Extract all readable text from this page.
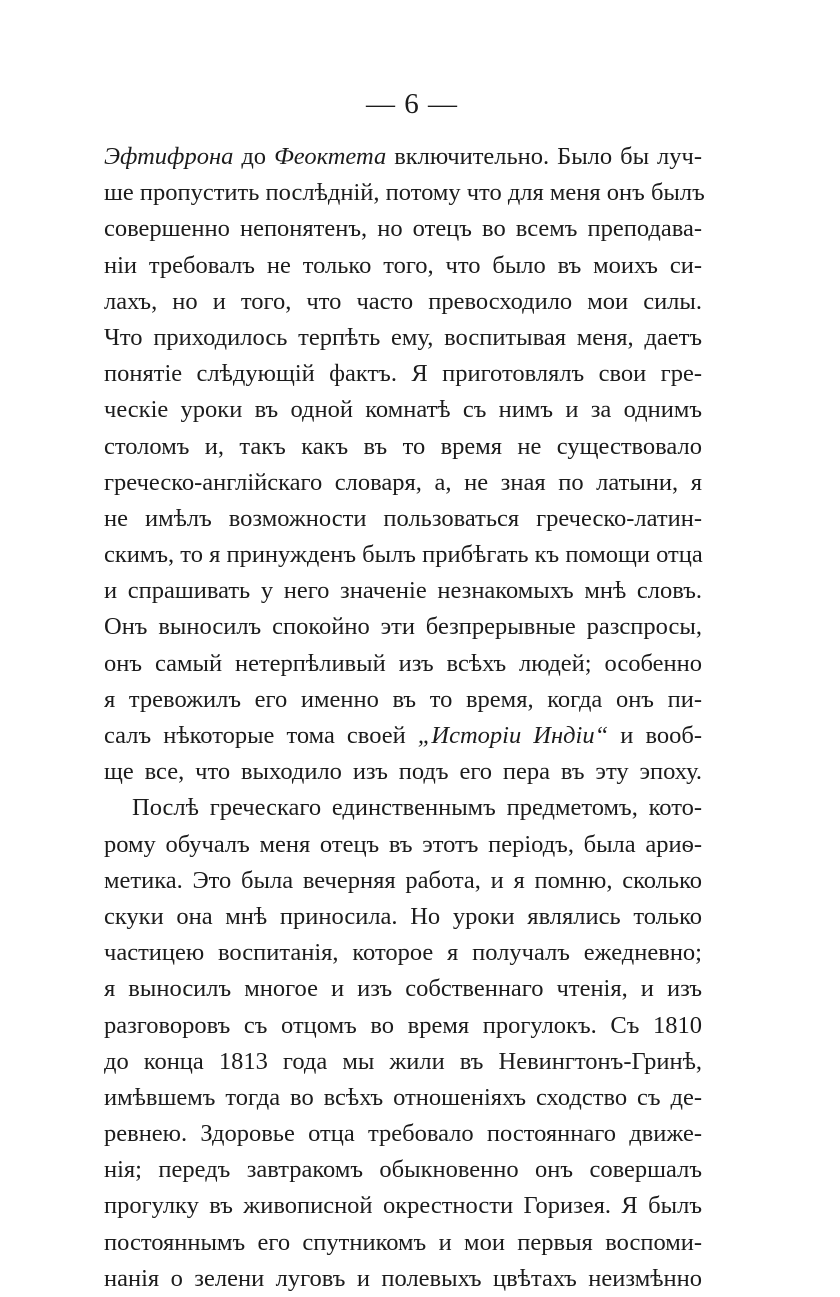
— 6 —
Эфтифрона до Феоктета включительно. Было бы луч-
ше пропустить послѣдній, потому что для меня онъ былъ
совершенно непонятенъ, но отецъ во всемъ преподава-
ніи требовалъ не только того, что было въ моихъ си-
лахъ, но и того, что часто превосходило мои силы.
Что приходилось терпѣть ему, воспитывая меня, даетъ
понятіе слѣдующій фактъ. Я приготовлялъ свои гре-
ческіе уроки въ одной комнатѣ съ нимъ и за однимъ
столомъ и, такъ какъ въ то время не существовало
греческо-англійскаго словаря, а, не зная по латыни, я
не имѣлъ возможности пользоваться греческо-латин-
скимъ, то я принужденъ былъ прибѣгать къ помощи отца
и спрашивать у него значеніе незнакомыхъ мнѣ словъ.
Онъ выносилъ спокойно эти безпрерывные разспросы,
онъ самый нетерпѣливый изъ всѣхъ людей; особенно
я тревожилъ его именно въ то время, когда онъ пи-
салъ нѣкоторые тома своей „Исторіи Индіи“ и вооб-
ще все, что выходило изъ подъ его пера въ эту эпоху.
Послѣ греческаго единственнымъ предметомъ, кото-
рому обучалъ меня отецъ въ этотъ періодъ, была ариѳ-
метика. Это была вечерняя работа, и я помню, сколько
скуки она мнѣ приносила. Но уроки являлись только
частицею воспитанія, которое я получалъ ежедневно;
я выносилъ многое и изъ собственнаго чтенія, и изъ
разговоровъ съ отцомъ во время прогулокъ. Съ 1810
до конца 1813 года мы жили въ Невингтонъ-Гринѣ,
имѣвшемъ тогда во всѣхъ отношеніяхъ сходство съ де-
ревнею. Здоровье отца требовало постояннаго движе-
нія; передъ завтракомъ обыкновенно онъ совершалъ
прогулку въ живописной окрестности Горизея. Я былъ
постояннымъ его спутникомъ и мои первыя воспоми-
нанія о зелени луговъ и полевыхъ цвѣтахъ неизмѣнно
